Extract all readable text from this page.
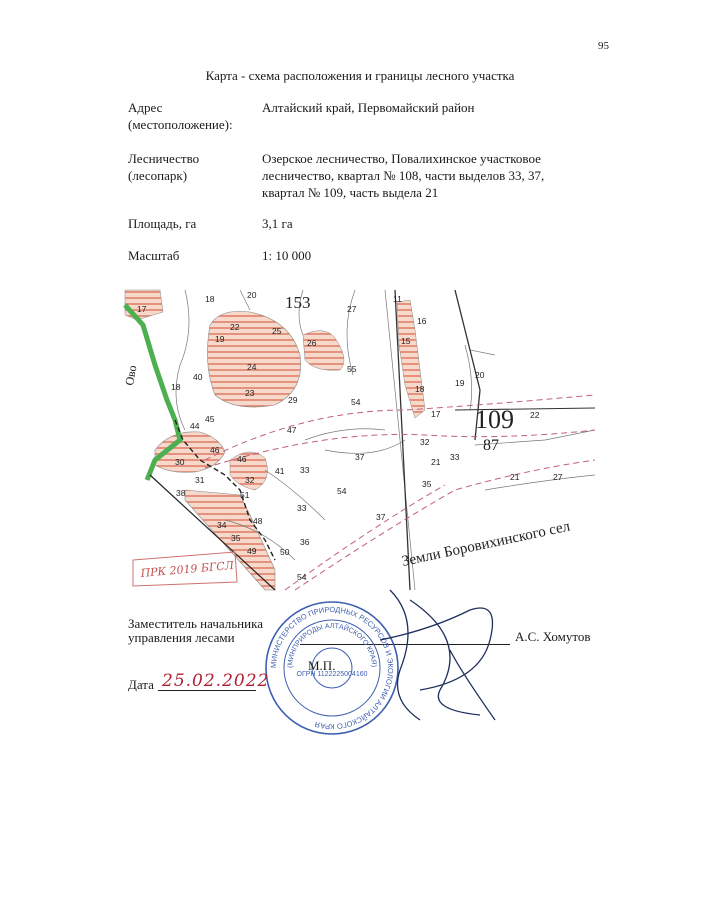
95
Карта - схема расположения и границы лесного участка
Адрес
(местоположение):
Алтайский край, Первомайский район
Лесничество
(лесопарк)
Озерское лесничество, Повалихинское участковое
лесничество, квартал № 108, части выделов 33, 37,
квартал № 109, часть выдела 21
Площадь, га	3,1 га
Масштаб	1: 10 000
17
18	20	11
27
16
15
19
22	25
26
24
23
40
18
55
29	54
45
44	47
30
46
46
41 33
37
32
21 33
31	32
51
38	54
35
33
34	48
36
35
49	50
54
37
17
18
19
20
22
21	27
153
109
87
Земли Боровихинского сел
Ово
ПРК 2019 БГСЛ
Заместитель начальника
управления лесами	А.С. Хомутов
МИНИСТЕРСТВО ПРИРОДНЫХ РЕСУРСОВ И ЭКОЛОГИИ АЛТАЙСКОГО КРАЯ
(МИНПРИРОДЫ АЛТАЙСКОГО КРАЯ)
ОГРН 1122225004160
М.П.
Дата 25.02.2022
